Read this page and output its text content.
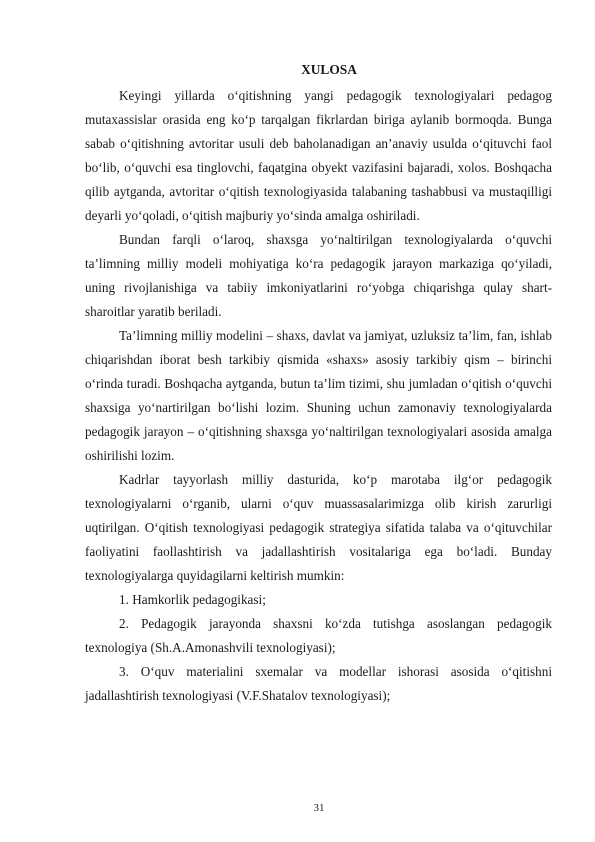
XULOSA

Keyingi yillarda o‘qitishning yangi pedagogik texnologiyalari pedagog mutaxassislar orasida eng ko‘p tarqalgan fikrlardan biriga aylanib bormoqda. Bunga sabab o‘qitishning avtoritar usuli deb baholanadigan an’anaviy usulda o‘qituvchi faol bo‘lib, o‘quvchi esa tinglovchi, faqatgina obyekt vazifasini bajaradi, xolos. Boshqacha qilib aytganda, avtoritar o‘qitish texnologiyasida talabaning tashabbusi va mustaqilligi deyarli yo‘qoladi, o‘qitish majburiy yo‘sinda amalga oshiriladi.

Bundan farqli o‘laroq, shaxsga yo‘naltirilgan texnologiyalarda o‘quvchi ta’limning milliy modeli mohiyatiga ko‘ra pedagogik jarayon markaziga qo‘yiladi, uning rivojlanishiga va tabiiy imkoniyatlarini ro‘yobga chiqarishga qulay shart-sharoitlar yaratib beriladi.

Ta’limning milliy modelini – shaxs, davlat va jamiyat, uzluksiz ta’lim, fan, ishlab chiqarishdan iborat besh tarkibiy qismida «shaxs» asosiy tarkibiy qism – birinchi o‘rinda turadi. Boshqacha aytganda, butun ta’lim tizimi, shu jumladan o‘qitish o‘quvchi shaxsiga yo‘nartirilgan bo‘lishi lozim. Shuning uchun zamonaviy texnologiyalarda pedagogik jarayon – o‘qitishning shaxsga yo‘naltirilgan texnologiyalari asosida amalga oshirilishi lozim.

Kadrlar tayyorlash milliy dasturida, ko‘p marotaba ilg‘or pedagogik texnologiyalarni o‘rganib, ularni o‘quv muassasalarimizga olib kirish zarurligi uqtirilgan. O‘qitish texnologiyasi pedagogik strategiya sifatida talaba va o‘qituvchilar faoliyatini faollashtirish va jadallashtirish vositalariga ega bo‘ladi. Bunday texnologiyalarga quyidagilarni keltirish mumkin:

1. Hamkorlik pedagogikasi;

2. Pedagogik jarayonda shaxsni ko‘zda tutishga asoslangan pedagogik texnologiya (Sh.A.Amonashvili texnologiyasi);

3. O‘quv materialini sxemalar va modellar ishorasi asosida o‘qitishni jadallashtirish texnologiyasi (V.F.Shatalov texnologiyasi);

31
